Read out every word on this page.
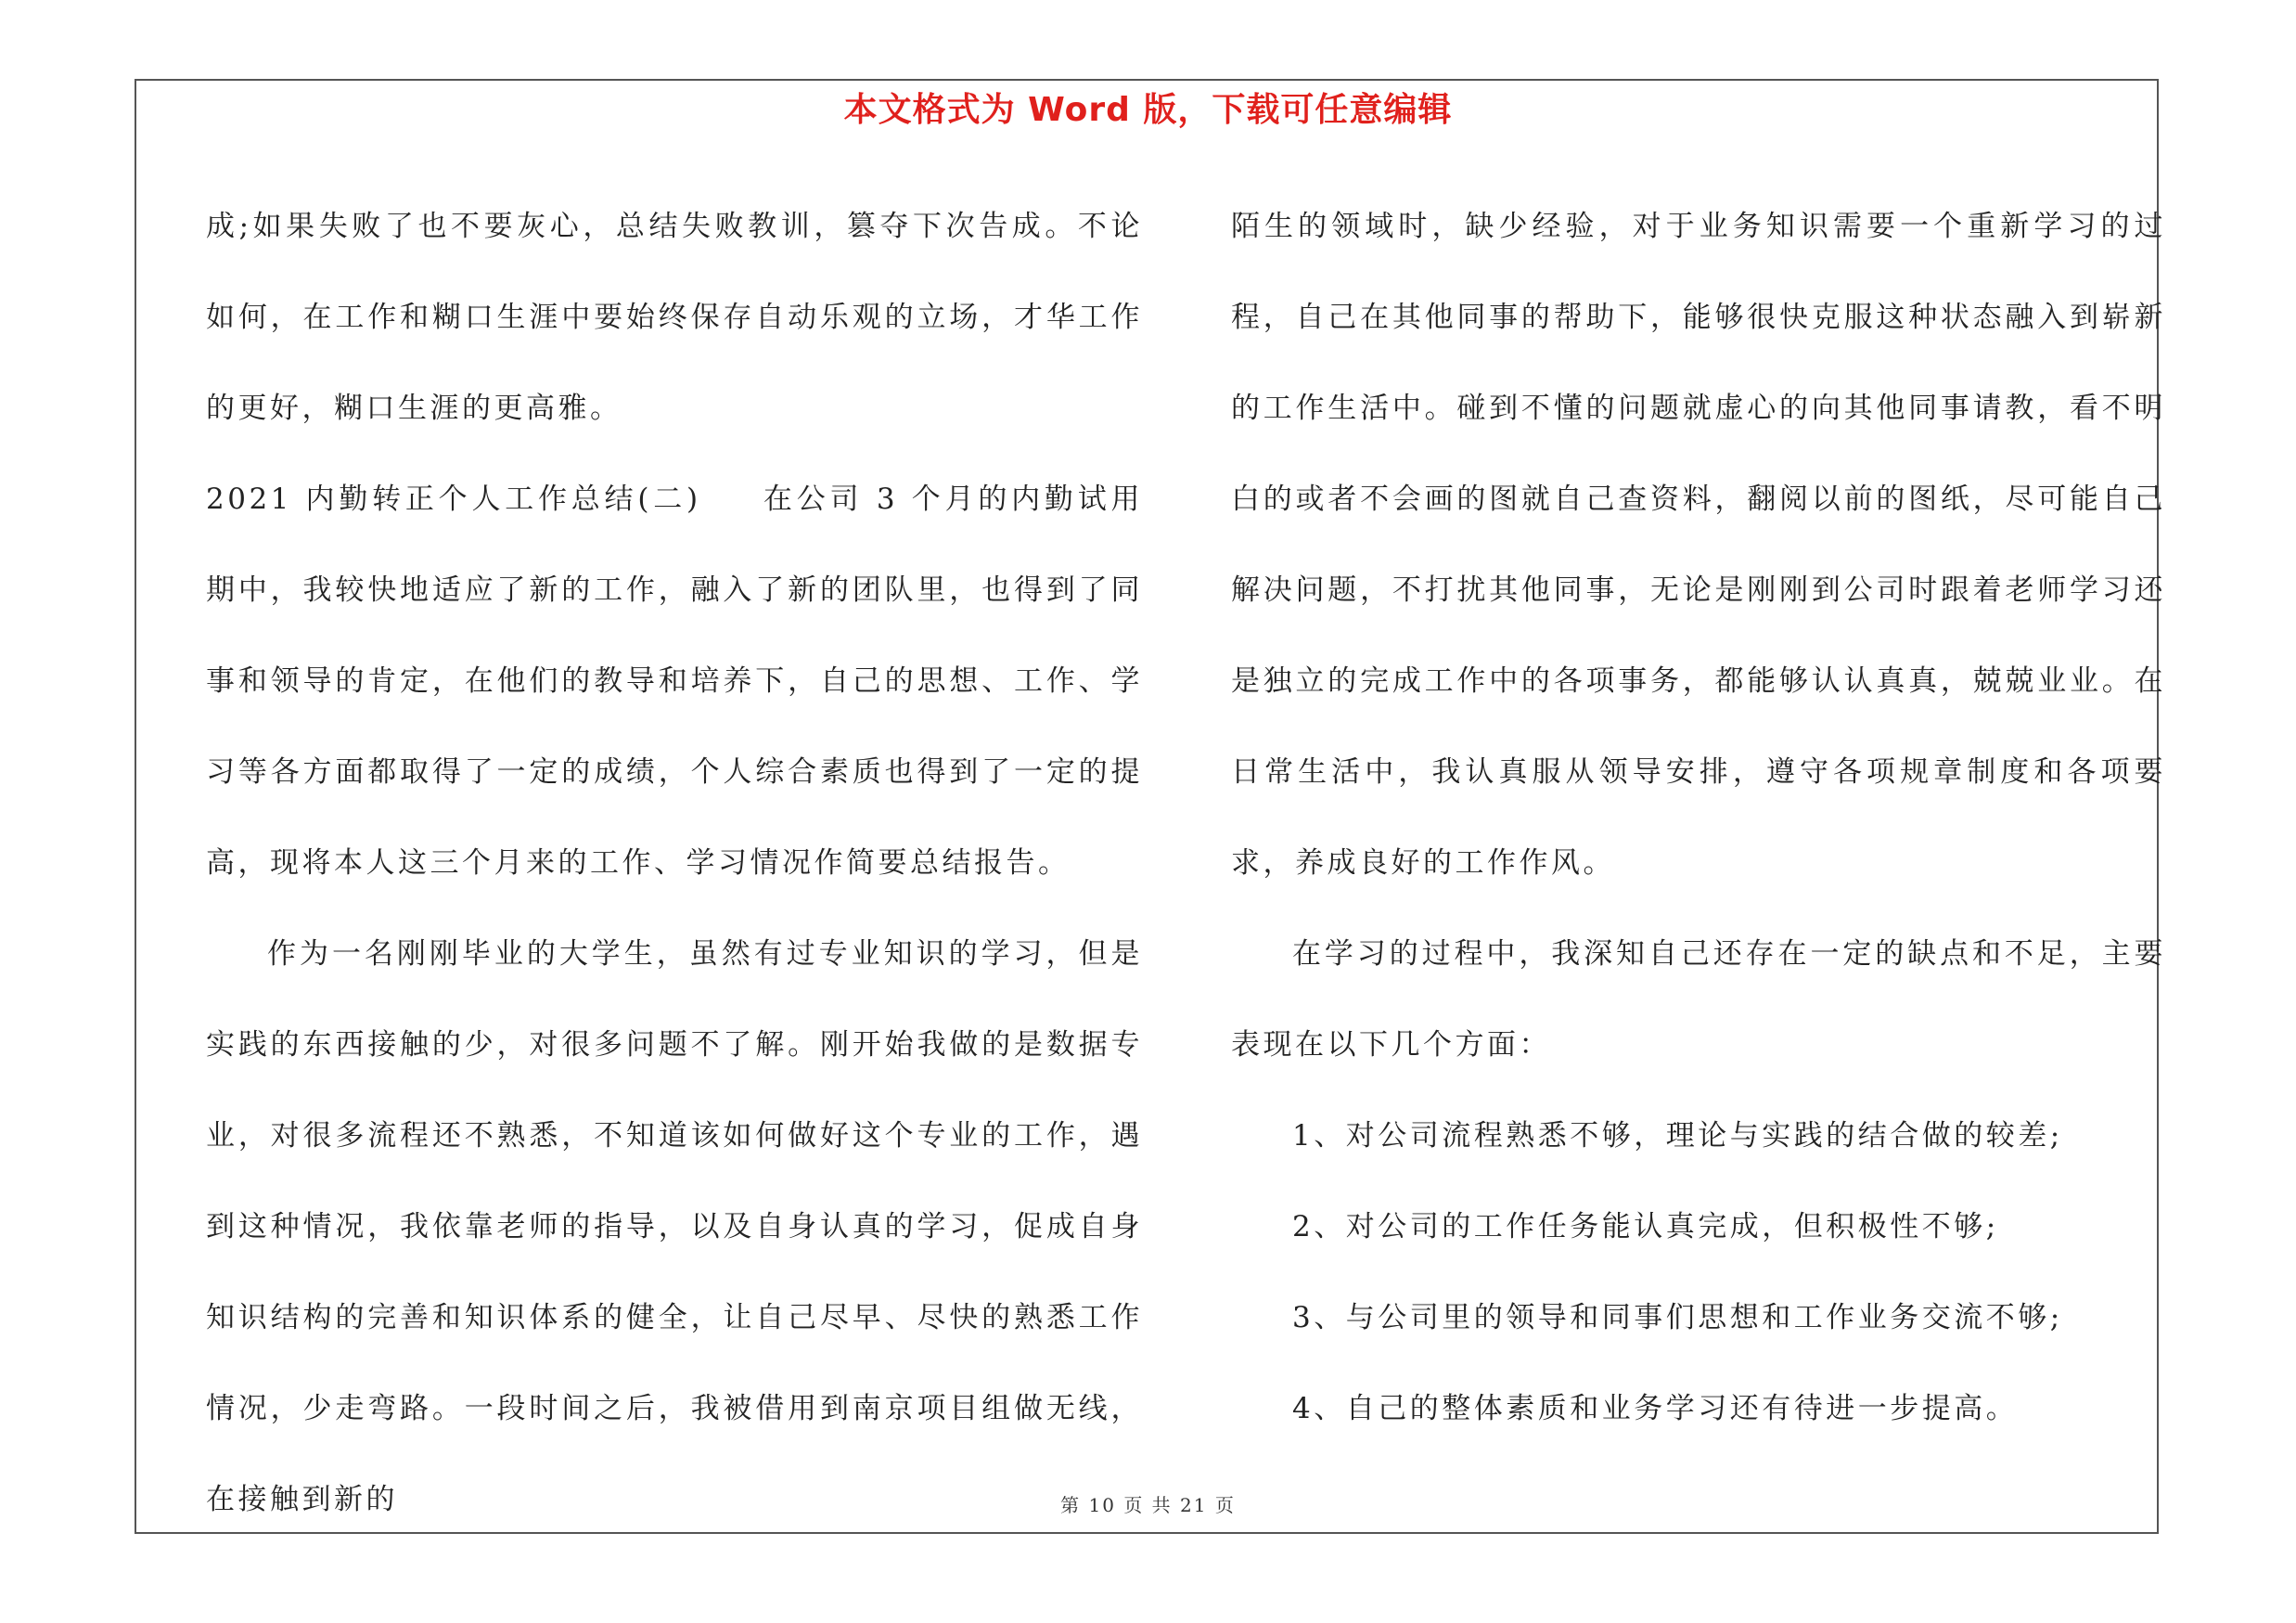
本文格式为 Word 版，下载可任意编辑

成;如果失败了也不要灰心，总结失败教训，篡夺下次告成。不论如何，在工作和糊口生涯中要始终保存自动乐观的立场，才华工作的更好，糊口生涯的更高雅。

2021 内勤转正个人工作总结(二) 在公司 3 个月的内勤试用期中，我较快地适应了新的工作，融入了新的团队里，也得到了同事和领导的肯定，在他们的教导和培养下，自己的思想、工作、学习等各方面都取得了一定的成绩，个人综合素质也得到了一定的提高，现将本人这三个月来的工作、学习情况作简要总结报告。

作为一名刚刚毕业的大学生，虽然有过专业知识的学习，但是实践的东西接触的少，对很多问题不了解。刚开始我做的是数据专业，对很多流程还不熟悉，不知道该如何做好这个专业的工作，遇到这种情况，我依靠老师的指导，以及自身认真的学习，促成自身知识结构的完善和知识体系的健全，让自己尽早、尽快的熟悉工作情况，少走弯路。一段时间之后，我被借用到南京项目组做无线，在接触到新的

陌生的领域时，缺少经验，对于业务知识需要一个重新学习的过程，自己在其他同事的帮助下，能够很快克服这种状态融入到崭新的工作生活中。碰到不懂的问题就虚心的向其他同事请教，看不明白的或者不会画的图就自己查资料，翻阅以前的图纸，尽可能自己解决问题，不打扰其他同事，无论是刚刚到公司时跟着老师学习还是独立的完成工作中的各项事务，都能够认认真真，兢兢业业。在日常生活中，我认真服从领导安排，遵守各项规章制度和各项要求，养成良好的工作作风。

在学习的过程中，我深知自己还存在一定的缺点和不足，主要表现在以下几个方面：

1、对公司流程熟悉不够，理论与实践的结合做的较差;

2、对公司的工作任务能认真完成，但积极性不够;

3、与公司里的领导和同事们思想和工作业务交流不够;

4、自己的整体素质和业务学习还有待进一步提高。

第 10 页 共 21 页
